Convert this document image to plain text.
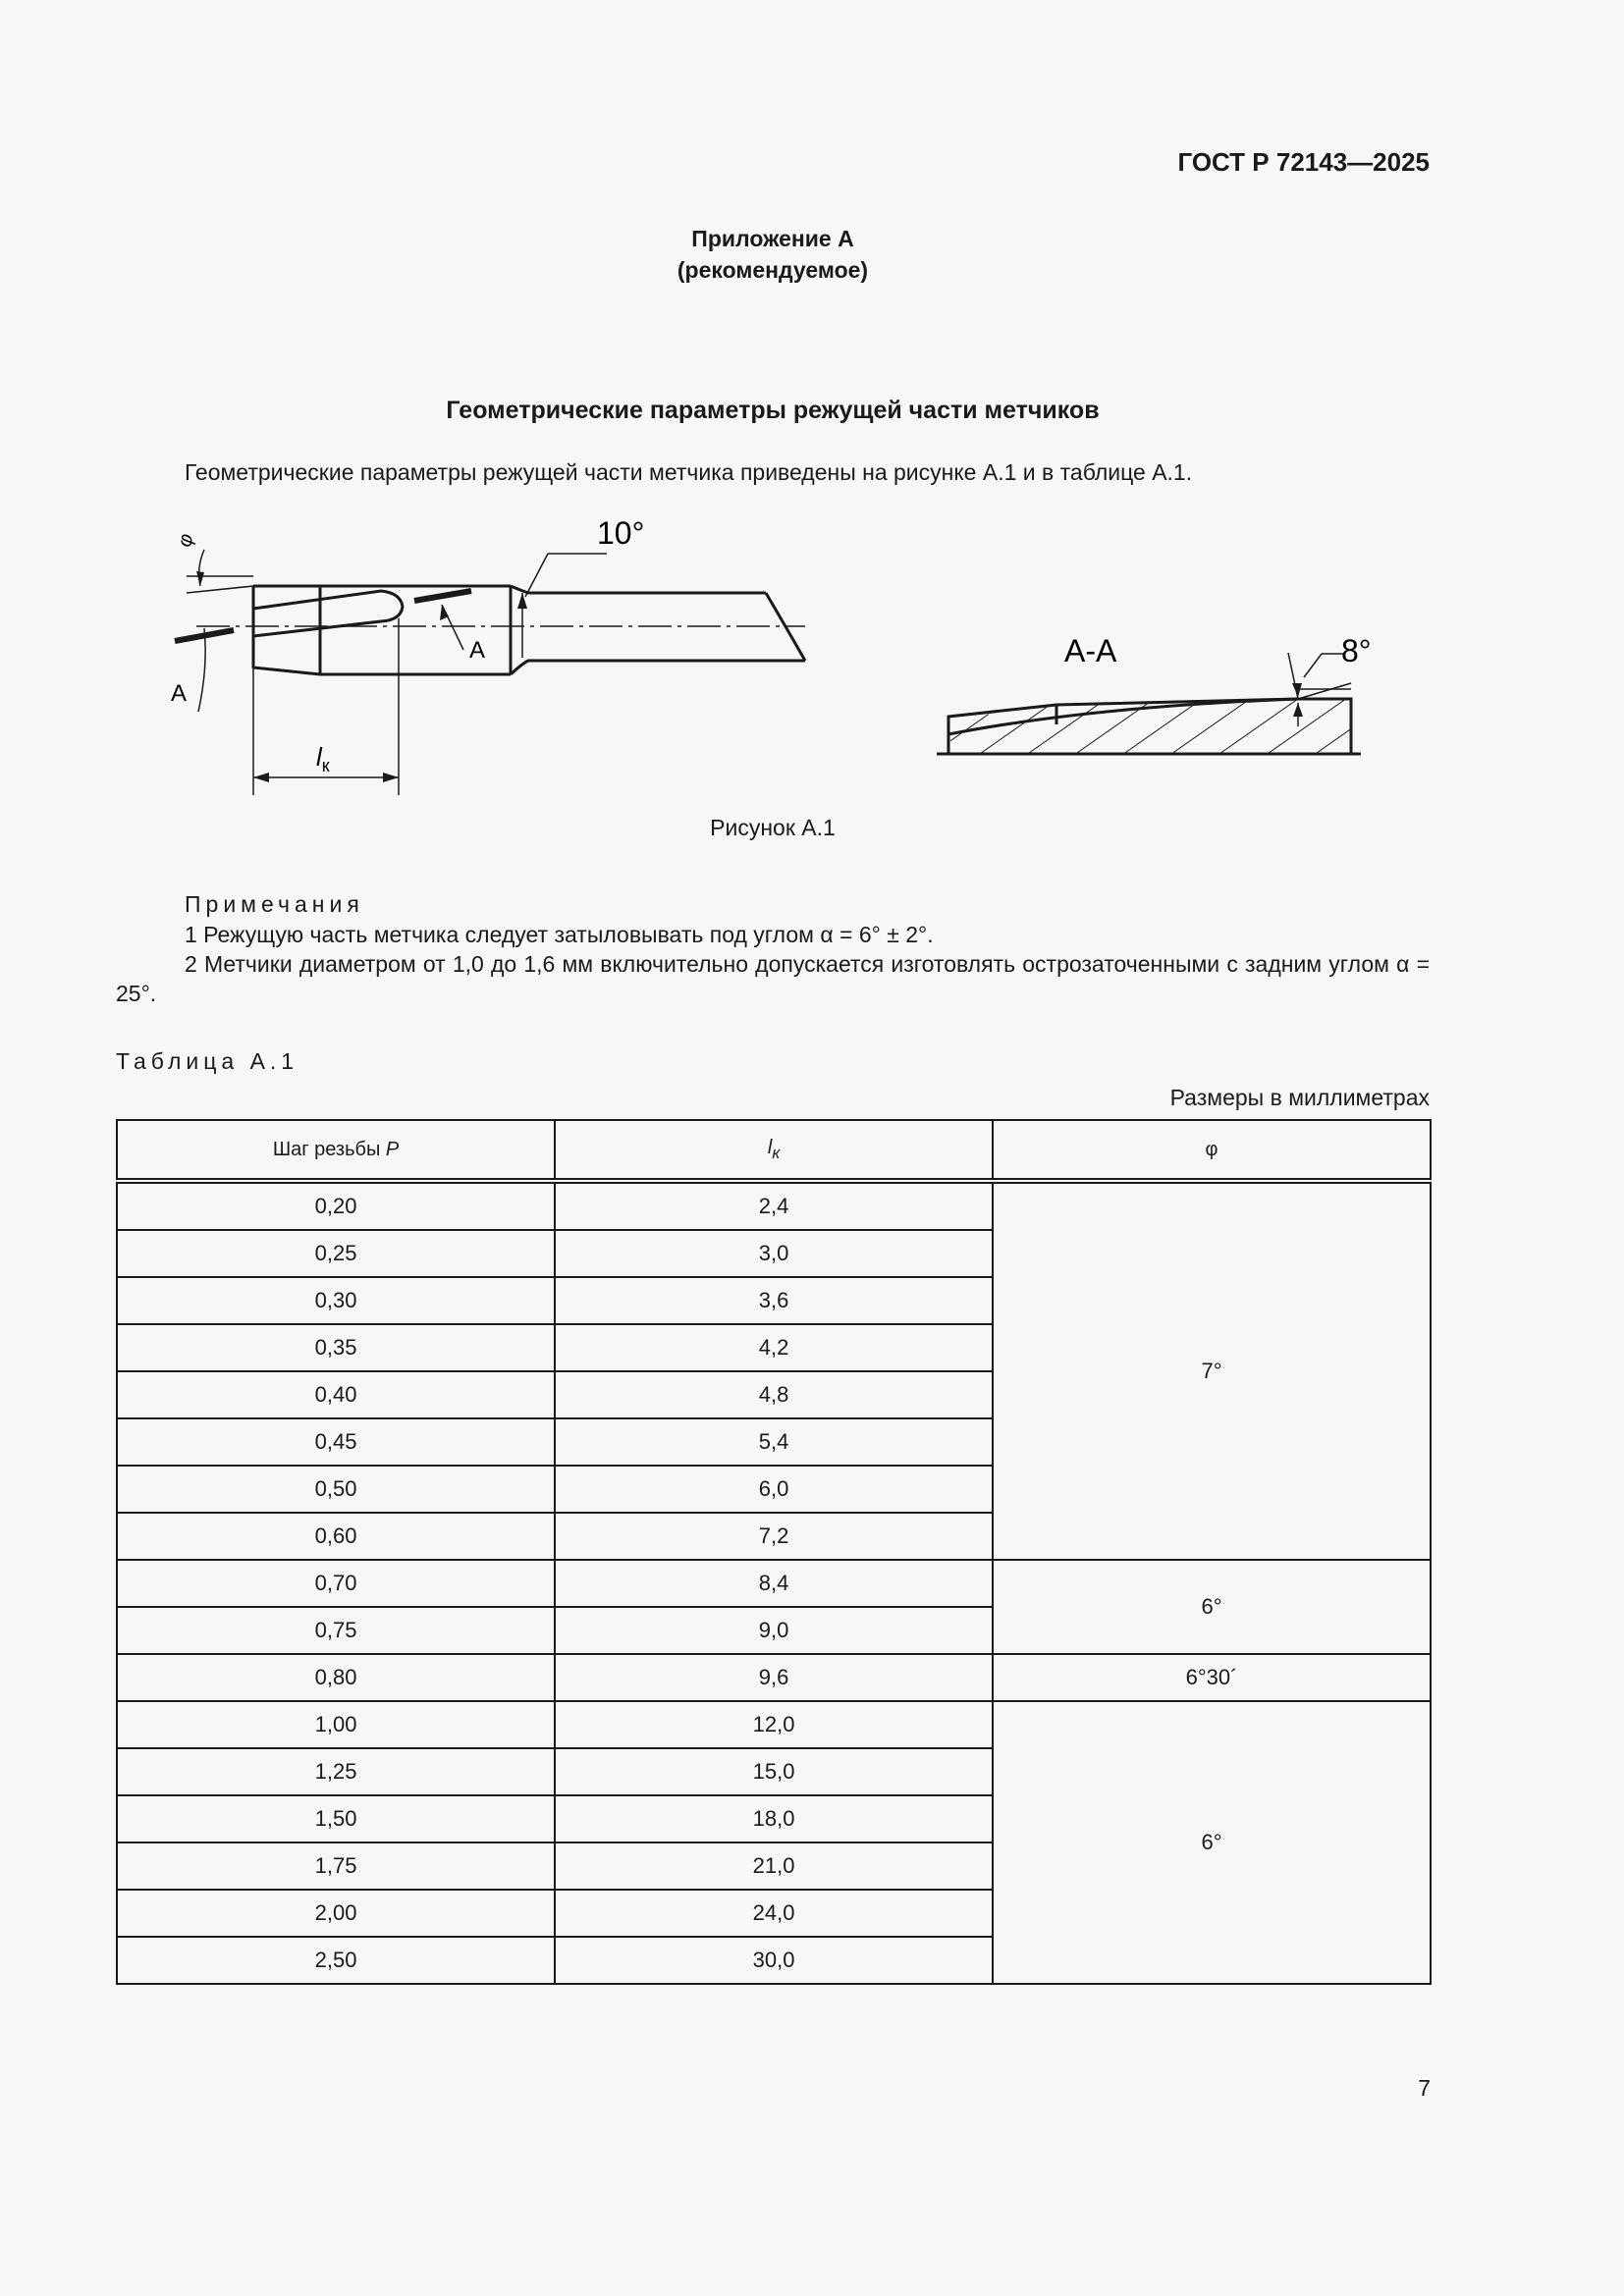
ГОСТ Р 72143—2025
Приложение А
(рекомендуемое)
Геометрические параметры режущей части метчиков
Геометрические параметры режущей части метчика приведены на рисунке А.1 и в таблице А.1.
φ	10°
А
А
$l_к$
А-А	8°
Рисунок А.1
Примечания
1 Режущую часть метчика следует затыловывать под углом α = 6° ± 2°.
2 Метчики диаметром от 1,0 до 1,6 мм включительно допускается изготовлять острозаточенными с задним углом α = 25°.
Таблица А.1
Размеры в миллиметрах
Шаг резьбы P	$l_к$	φ
0,20	2,4	7°
0,25	3,0	
0,30	3,6	
0,35	4,2	
0,40	4,8	
0,45	5,4	
0,50	6,0	
0,60	7,2	
0,70	8,4	6°
0,75	9,0	
0,80	9,6	6°30´
1,00	12,0	6°
1,25	15,0	
1,50	18,0	
1,75	21,0	
2,00	24,0	
2,50	30,0	
7
